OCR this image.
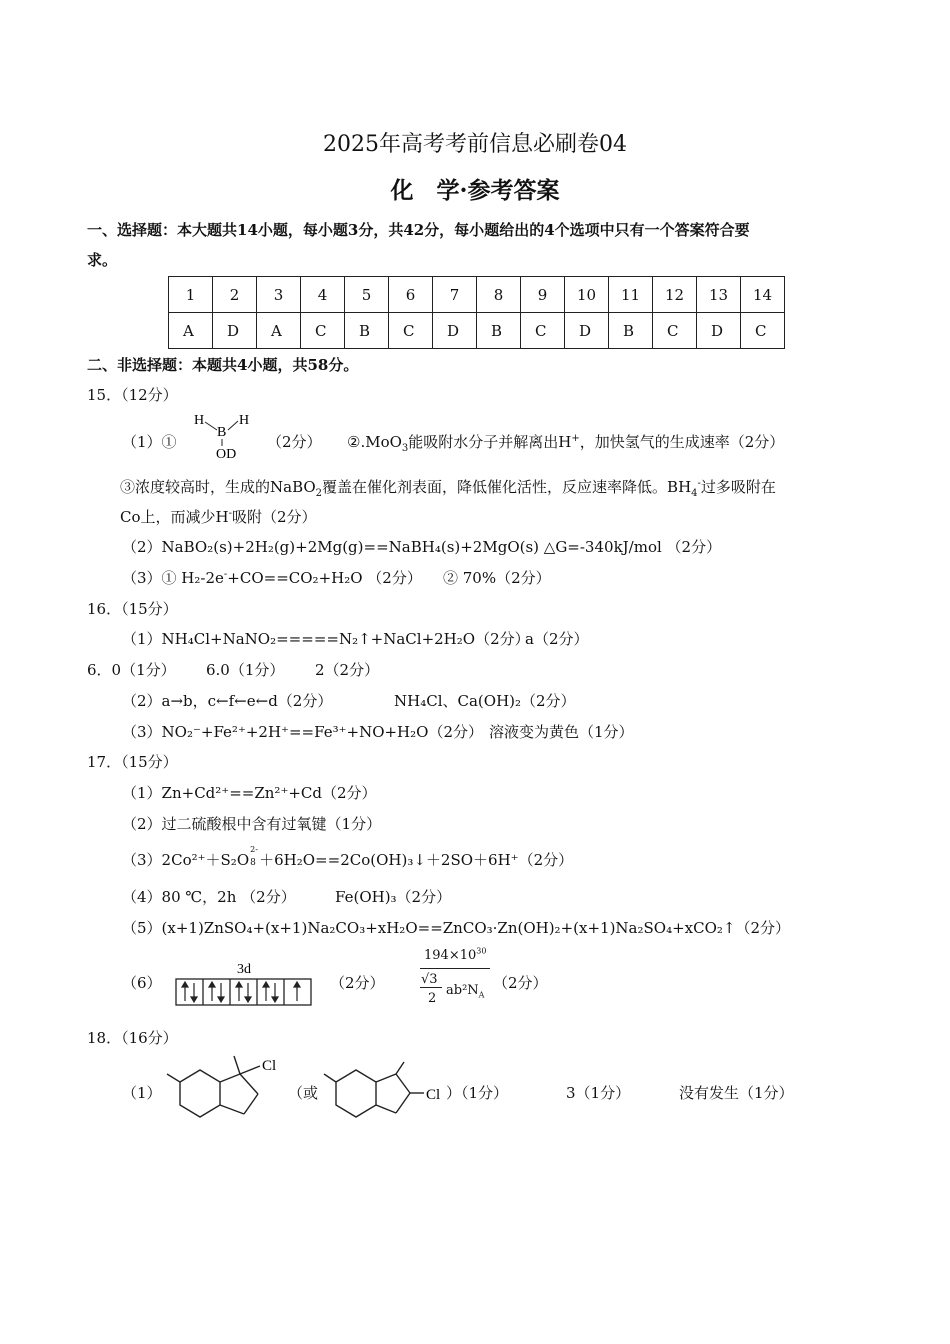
2025年高考考前信息必刷卷04
化　学·参考答案
一、选择题：本大题共14小题，每小题3分，共42分，每小题给出的4个选项中只有一个答案符合要
求。
1	2	3	4	5	6	7	8	9	10	11	12	13	14
A	D	A	C	B	C	D	B	C	D	B	C	D	C
二、非选择题：本题共4小题，共58分。
15．（12分）
（1）①
H H
B
OD
（2分） ②.MoO$_3$能吸附水分子并解离出H+，加快氢气的生成速率（2分）
③浓度较高时，生成的NaBO$_2$覆盖在催化剂表面，降低催化活性，反应速率降低。$BH_4^-$过多吸附在
Co上，而减少H-吸附（2分）
（2）NaBO₂(s)+2H₂(g)+2Mg(g)==NaBH₄(s)+2MgO(s) △G=-340kJ/mol （2分）
（3）① H₂-2e-+CO==CO₂+H₂O （2分） ② 70%（2分）
16．（15分）
（1）NH₄Cl+NaNO₂=====N₂↑+NaCl+2H₂O（2分）
a（2分）
6．0（1分） 6.0（1分） 2（2分）
（2）a→b，c←f←e←d（2分）	NH₄Cl、Ca(OH)₂（2分）
（3）NO₂⁻+Fe²⁺+2H⁺==Fe³⁺+NO+H₂O（2分） 溶液变为黄色（1分）
17．（15分）
（1）Zn+Cd²⁺==Zn²⁺+Cd（2分）
（2）过二硫酸根中含有过氧键（1分）
（3）2Co²⁺＋S₂O
2-
8 ＋6H₂O==2Co(OH)₃↓＋2SO＋6H⁺（2分）
（4）80 ℃，2h （2分）	Fe(OH)₃（2分）
（5）(x+1)ZnSO₄+(x+1)Na₂CO₃+xH₂O==ZnCO₃·Zn(OH)₂+(x+1)Na₂SO₄+xCO₂↑（2分）
（6）
3d
（2分）
$194\times 10^{30}$
√3
2
$ab^2N_A$
（2分）
18．（16分）
（1）
Cl
（或	Cl ）（1分）	3（1分）	没有发生（1分）
